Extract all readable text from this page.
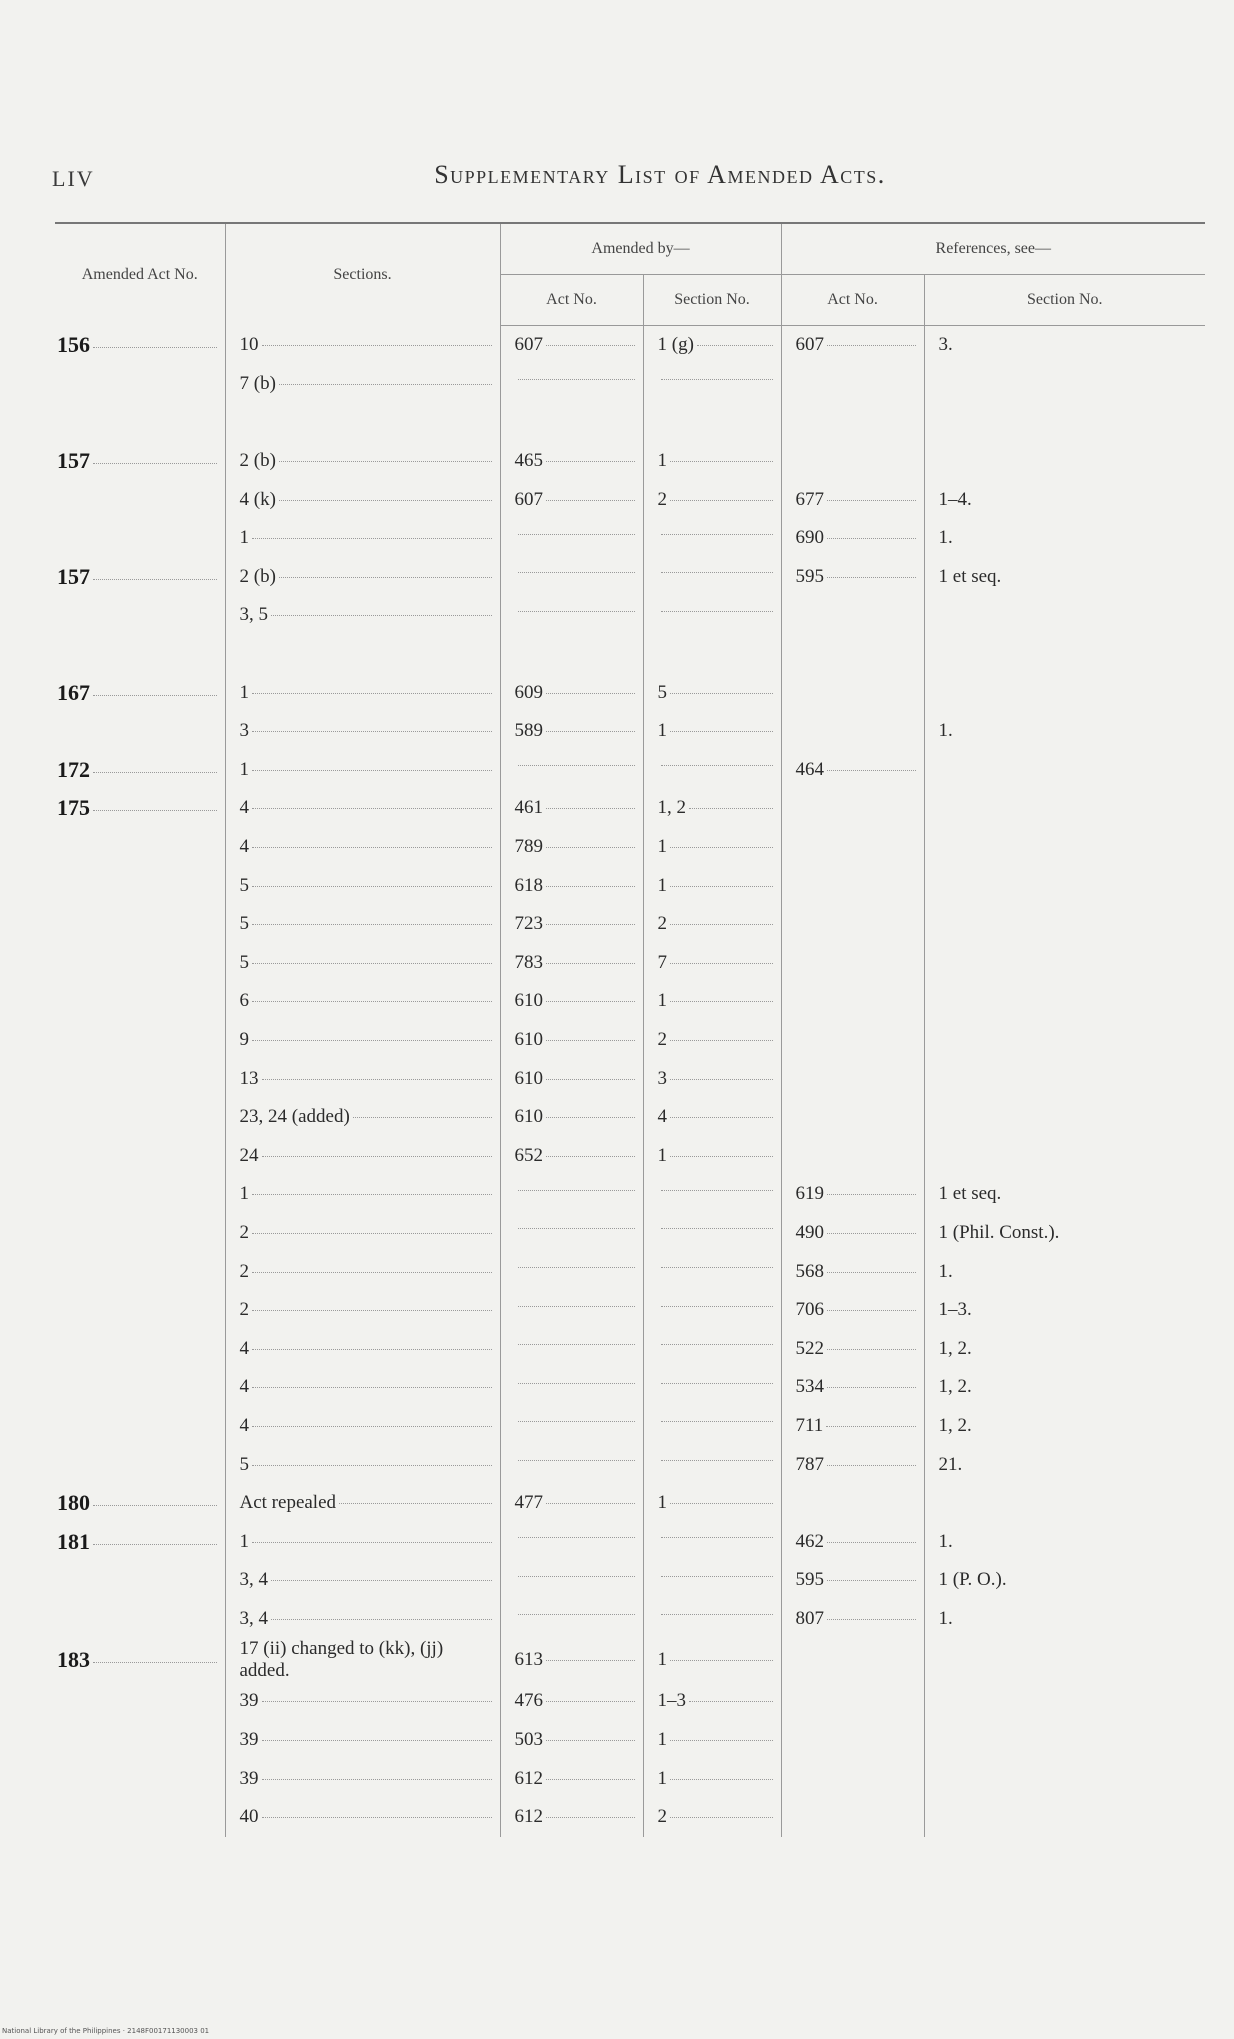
LIV	Supplementary List of Amended Acts.
Amended Act No.	Sections.	Amended by—		References, see—	
		Act No.	Section No.	Act No.	Section No.

156	10	607	1 (g)	607	3.

	7 (b)				

157	2 (b)	465	1		

	4 (k)	607	2	677	1–4.

	1			690	1.

157	2 (b)			595	1 et seq.

	3, 5				

167	1	609	5		

	3	589	1		1.

172	1			464	

175	4	461	1, 2		

	4	789	1		

	5	618	1		

	5	723	2		

	5	783	7		

	6	610	1		

	9	610	2		

	13	610	3		

	23, 24 (added)	610	4		

	24	652	1		

	1			619	1 et seq.

	2			490	1 (Phil. Const.).

	2			568	1.

	2			706	1–3.

	4			522	1, 2.

	4			534	1, 2.

	4			711	1, 2.

	5			787	21.

180	Act repealed	477	1		

181	1			462	1.

	3, 4			595	1 (P. O.).

	3, 4			807	1.

183	17 (ii) changed to (kk), (jj) added.	613	1		

	39	476	1–3		

	39	503	1		

	39	612	1		

	40	612	2		

National Library of the Philippines · 2148F00171130003 01
